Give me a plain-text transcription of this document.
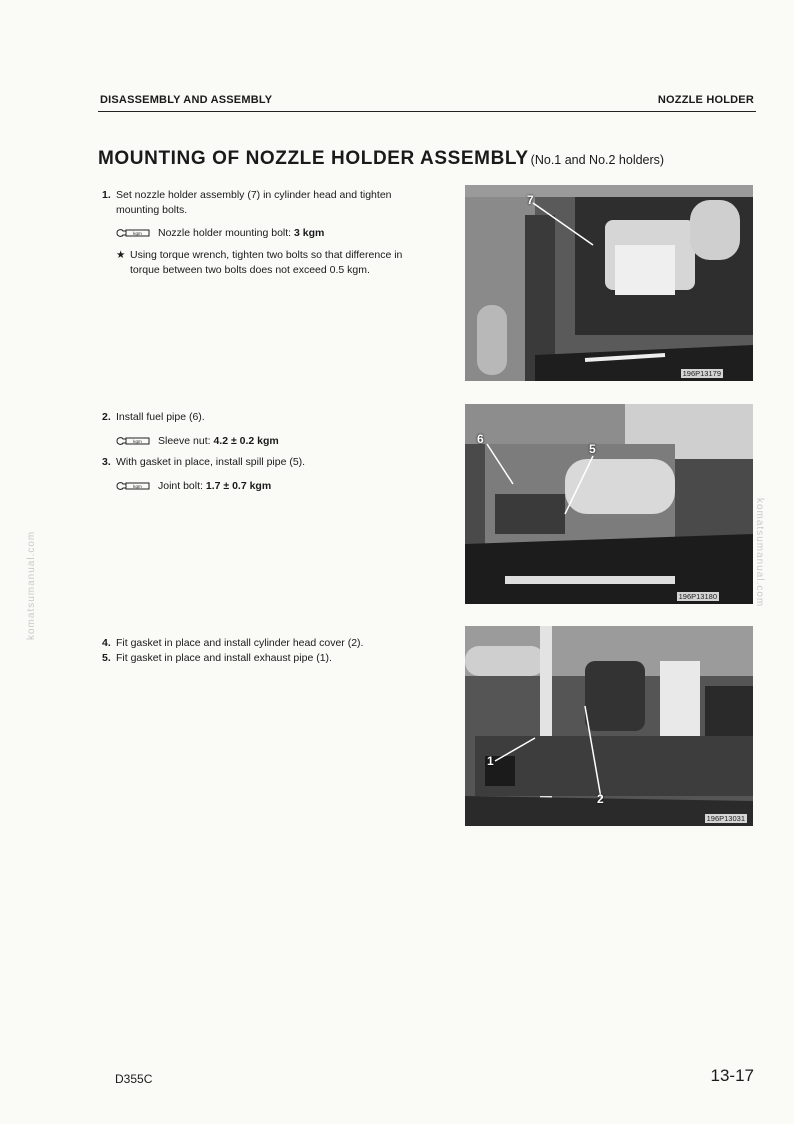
DISASSEMBLY AND ASSEMBLY	NOZZLE HOLDER
MOUNTING OF NOZZLE HOLDER ASSEMBLY (No.1 and No.2 holders)
1. Set nozzle holder assembly (7) in cylinder head and tighten mounting bolts.
kgm Nozzle holder mounting bolt: 3 kgm
★ Using torque wrench, tighten two bolts so that difference in torque between two bolts does not exceed 0.5 kgm.
2. Install fuel pipe (6).
kgm Sleeve nut: 4.2 ± 0.2 kgm
3. With gasket in place, install spill pipe (5).
kgm Joint bolt: 1.7 ± 0.7 kgm
4. Fit gasket in place and install cylinder head cover (2).
5. Fit gasket in place and install exhaust pipe (1).
7
196P13179
6
5
196P13180
1
2
196P13031
komatsumanual.com	komatsumanual.com
D355C	13-17
